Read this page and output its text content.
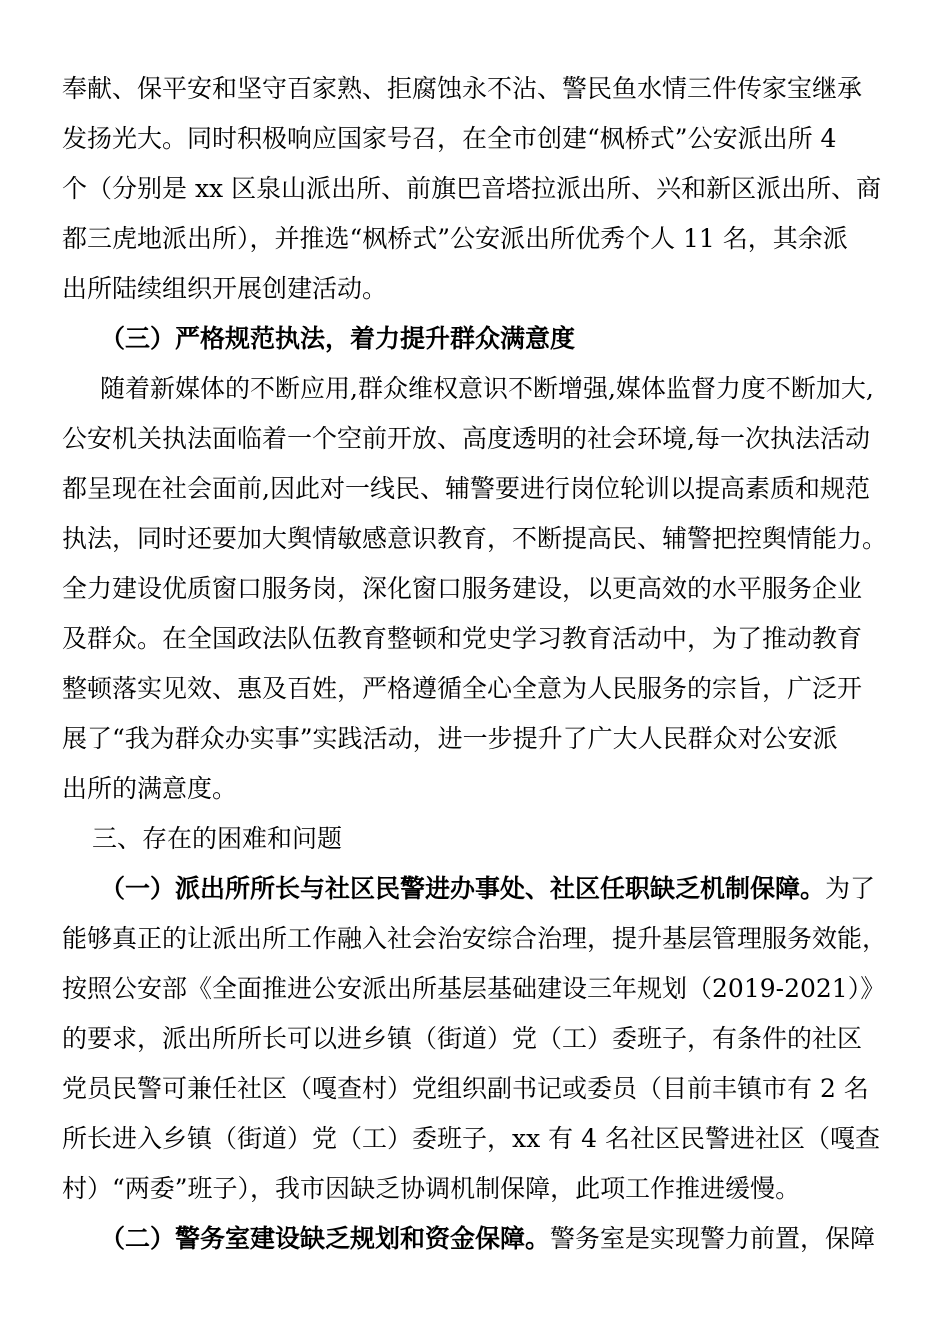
奉献、保平安和坚守百家熟、拒腐蚀永不沾、警民鱼水情三件传家宝继承
发扬光大。同时积极响应国家号召，在全市创建“枫桥式”公安派出所 4
个（分别是 xx 区泉山派出所、前旗巴音塔拉派出所、兴和新区派出所、商
都三虎地派出所），并推选“枫桥式”公安派出所优秀个人 11 名，其余派
出所陆续组织开展创建活动。
（三）严格规范执法，着力提升群众满意度
随着新媒体的不断应用,群众维权意识不断增强,媒体监督力度不断加大,
公安机关执法面临着一个空前开放、高度透明的社会环境,每一次执法活动
都呈现在社会面前,因此对一线民、辅警要进行岗位轮训以提高素质和规范
执法，同时还要加大舆情敏感意识教育，不断提高民、辅警把控舆情能力。
全力建设优质窗口服务岗，深化窗口服务建设，以更高效的水平服务企业
及群众。在全国政法队伍教育整顿和党史学习教育活动中，为了推动教育
整顿落实见效、惠及百姓，严格遵循全心全意为人民服务的宗旨，广泛开
展了“我为群众办实事”实践活动，进一步提升了广大人民群众对公安派
出所的满意度。
三、存在的困难和问题
（一）派出所所长与社区民警进办事处、社区任职缺乏机制保障。为了
能够真正的让派出所工作融入社会治安综合治理，提升基层管理服务效能，
按照公安部《全面推进公安派出所基层基础建设三年规划（2019-2021）》
的要求，派出所所长可以进乡镇（街道）党（工）委班子，有条件的社区
党员民警可兼任社区（嘎查村）党组织副书记或委员（目前丰镇市有 2 名
所长进入乡镇（街道）党（工）委班子，xx 有 4 名社区民警进社区（嘎查
村）“两委”班子），我市因缺乏协调机制保障，此项工作推进缓慢。
（二）警务室建设缺乏规划和资金保障。警务室是实现警力前置，保障
